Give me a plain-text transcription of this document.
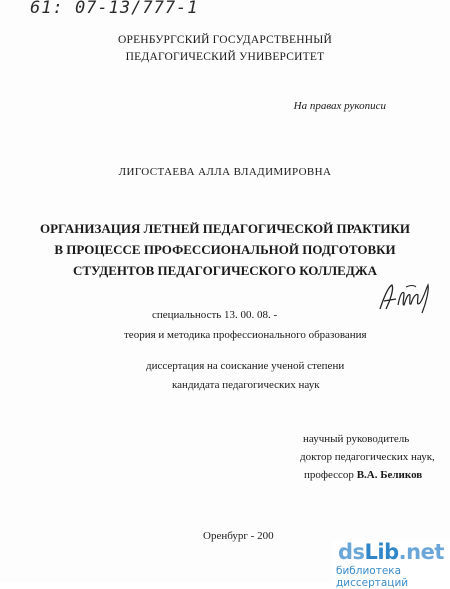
61: 07-13/777-1
ОРЕНБУРГСКИЙ ГОСУДАРСТВЕННЫЙ
ПЕДАГОГИЧЕСКИЙ УНИВЕРСИТЕТ
На правах рукописи
ЛИГОСТАЕВА АЛЛА ВЛАДИМИРОВНА
ОРГАНИЗАЦИЯ ЛЕТНЕЙ ПЕДАГОГИЧЕСКОЙ ПРАКТИКИ
В ПРОЦЕССЕ ПРОФЕССИОНАЛЬНОЙ ПОДГОТОВКИ
СТУДЕНТОВ ПЕДАГОГИЧЕСКОГО КОЛЛЕДЖА
специальность 13. 00. 08. -
теория и методика профессионального образования
диссертация на соискание ученой степени
кандидата педагогических наук
научный руководитель
доктор педагогических наук,
профессор В.А. Беликов
Оренбург - 200
dsLib.net
библиотека диссертаций
